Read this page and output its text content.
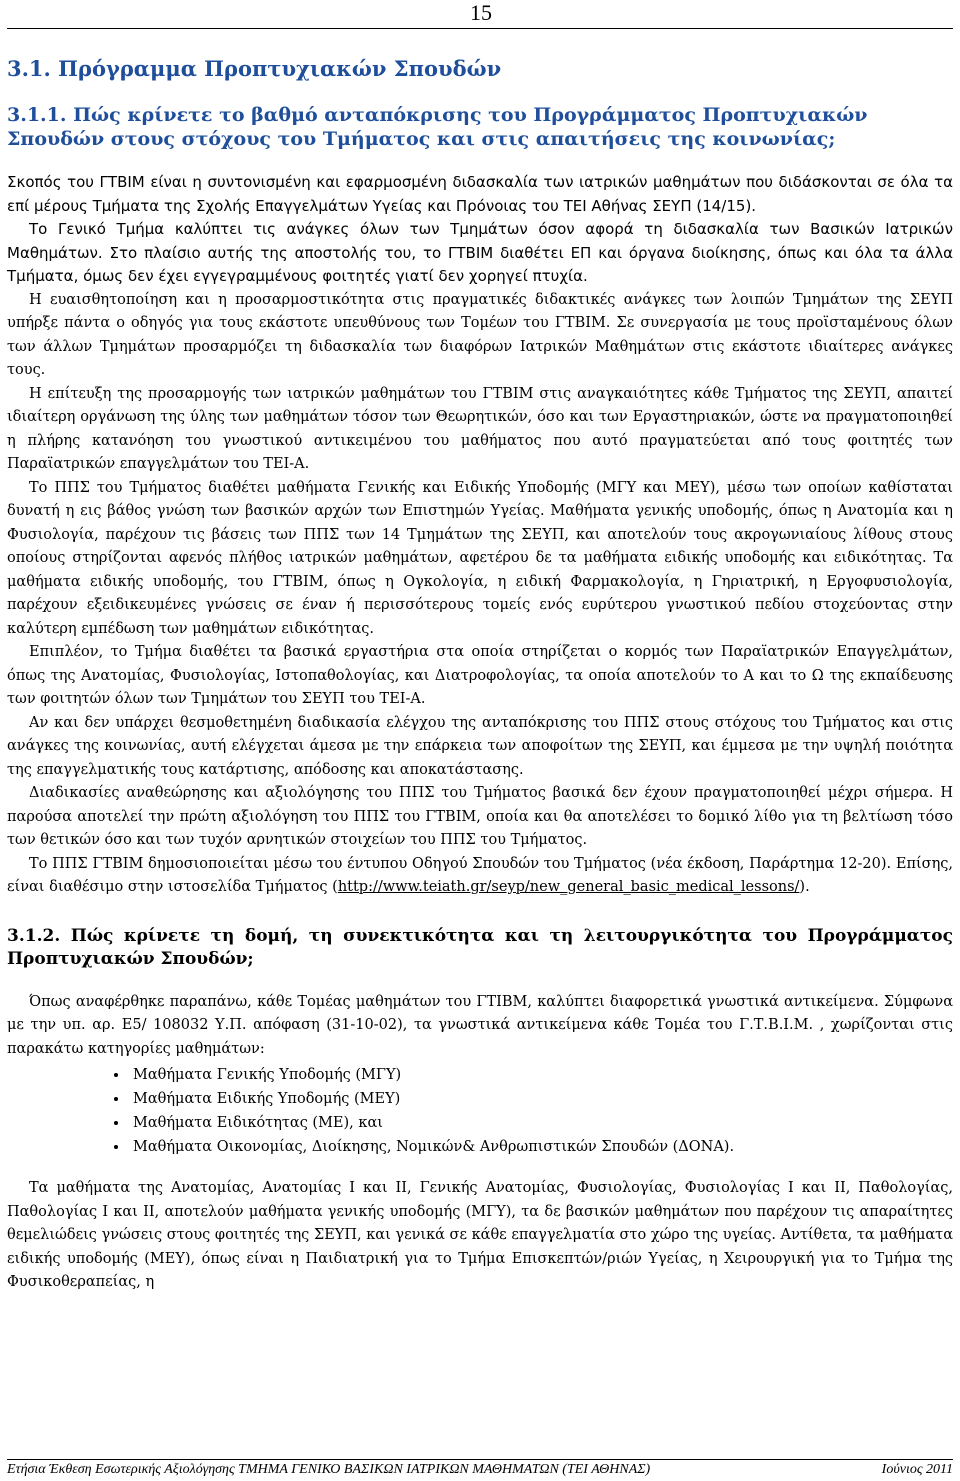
15
3.1. Πρόγραμμα Προπτυχιακών Σπουδών
3.1.1. Πώς κρίνετε το βαθμό ανταπόκρισης του Προγράμματος Προπτυχιακών Σπουδών στους στόχους του Τμήματος και στις απαιτήσεις της κοινωνίας;

Σκοπός του ΓΤΒΙΜ είναι η συντονισμένη και εφαρμοσμένη διδασκαλία των ιατρικών μαθημάτων που διδάσκονται σε όλα τα επί μέρους Τμήματα της Σχολής Επαγγελμάτων Υγείας και Πρόνοιας του ΤΕΙ Αθήνας ΣΕΥΠ (14/15).

Το Γενικό Τμήμα καλύπτει τις ανάγκες όλων των Τμημάτων όσον αφορά τη διδασκαλία των Βασικών Ιατρικών Μαθημάτων. Στο πλαίσιο αυτής της αποστολής του, το ΓΤΒΙΜ διαθέτει ΕΠ και όργανα διοίκησης, όπως και όλα τα άλλα Τμήματα, όμως δεν έχει εγγεγραμμένους φοιτητές γιατί δεν χορηγεί πτυχία.

Η ευαισθητοποίηση και η προσαρμοστικότητα στις πραγματικές διδακτικές ανάγκες των λοιπών Τμημάτων της ΣΕΥΠ υπήρξε πάντα ο οδηγός για τους εκάστοτε υπευθύνους των Τομέων του ΓΤΒΙΜ. Σε συνεργασία με τους προϊσταμένους όλων των άλλων Τμημάτων προσαρμόζει τη διδασκαλία των διαφόρων Ιατρικών Μαθημάτων στις εκάστοτε ιδιαίτερες ανάγκες τους.

Η επίτευξη της προσαρμογής των ιατρικών μαθημάτων του ΓΤΒΙΜ στις αναγκαιότητες κάθε Τμήματος της ΣΕΥΠ, απαιτεί ιδιαίτερη οργάνωση της ύλης των μαθημάτων τόσον των Θεωρητικών, όσο και των Εργαστηριακών, ώστε να πραγματοποιηθεί η πλήρης κατανόηση του γνωστικού αντικειμένου του μαθήματος που αυτό πραγματεύεται από τους φοιτητές των Παραϊατρικών επαγγελμάτων του ΤΕΙ-Α.

Το ΠΠΣ του Τμήματος διαθέτει μαθήματα Γενικής και Ειδικής Υποδομής (ΜΓΥ και ΜΕΥ), μέσω των οποίων καθίσταται δυνατή η εις βάθος γνώση των βασικών αρχών των Επιστημών Υγείας. Μαθήματα γενικής υποδομής, όπως η Ανατομία και η Φυσιολογία, παρέχουν τις βάσεις των ΠΠΣ των 14 Τμημάτων της ΣΕΥΠ, και αποτελούν τους ακρογωνιαίους λίθους στους οποίους στηρίζονται αφενός πλήθος ιατρικών μαθημάτων, αφετέρου δε τα μαθήματα ειδικής υποδομής και ειδικότητας. Τα μαθήματα ειδικής υποδομής, του ΓΤΒΙΜ, όπως η Ογκολογία, η ειδική Φαρμακολογία, η Γηριατρική, η Εργοφυσιολογία, παρέχουν εξειδικευμένες γνώσεις σε έναν ή περισσότερους τομείς ενός ευρύτερου γνωστικού πεδίου στοχεύοντας στην καλύτερη εμπέδωση των μαθημάτων ειδικότητας.

Επιπλέον, το Τμήμα διαθέτει τα βασικά εργαστήρια στα οποία στηρίζεται ο κορμός των Παραϊατρικών Επαγγελμάτων, όπως της Ανατομίας, Φυσιολογίας, Ιστοπαθολογίας, και Διατροφολογίας, τα οποία αποτελούν το Α και το Ω της εκπαίδευσης των φοιτητών όλων των Τμημάτων του ΣΕΥΠ του ΤΕΙ-Α.

Αν και δεν υπάρχει θεσμοθετημένη διαδικασία ελέγχου της ανταπόκρισης του ΠΠΣ στους στόχους του Τμήματος και στις ανάγκες της κοινωνίας, αυτή ελέγχεται άμεσα με την επάρκεια των αποφοίτων της ΣΕΥΠ, και έμμεσα με την υψηλή ποιότητα της επαγγελματικής τους κατάρτισης, απόδοσης και αποκατάστασης.

Διαδικασίες αναθεώρησης και αξιολόγησης του ΠΠΣ του Τμήματος βασικά δεν έχουν πραγματοποιηθεί μέχρι σήμερα. Η παρούσα αποτελεί την πρώτη αξιολόγηση του ΠΠΣ του ΓΤΒΙΜ, οποία και θα αποτελέσει το δομικό λίθο για τη βελτίωση τόσο των θετικών όσο και των τυχόν αρνητικών στοιχείων του ΠΠΣ του Τμήματος.

Το ΠΠΣ ΓΤΒΙΜ δημοσιοποιείται μέσω του έντυπου Οδηγού Σπουδών του Τμήματος (νέα έκδοση, Παράρτημα 12-20). Επίσης, είναι διαθέσιμο στην ιστοσελίδα Τμήματος (http://www.teiath.gr/seyp/new_general_basic_medical_lessons/).

3.1.2. Πώς κρίνετε τη δομή, τη συνεκτικότητα και τη λειτουργικότητα του Προγράμματος Προπτυχιακών Σπουδών;

Όπως αναφέρθηκε παραπάνω, κάθε Τομέας μαθημάτων του ΓΤΙΒΜ, καλύπτει διαφορετικά γνωστικά αντικείμενα. Σύμφωνα με την υπ. αρ. Ε5/ 108032 Υ.Π. απόφαση (31-10-02), τα γνωστικά αντικείμενα κάθε Τομέα του Γ.Τ.Β.Ι.Μ. , χωρίζονται στις παρακάτω κατηγορίες μαθημάτων:

• Μαθήματα Γενικής Υποδομής (ΜΓΥ)
• Μαθήματα Ειδικής Υποδομής (ΜΕΥ)
• Μαθήματα Ειδικότητας (ΜΕ), και
• Μαθήματα Οικονομίας, Διοίκησης, Νομικών& Ανθρωπιστικών Σπουδών (ΔΟΝΑ).

Τα μαθήματα της Ανατομίας, Ανατομίας Ι και ΙΙ, Γενικής Ανατομίας, Φυσιολογίας, Φυσιολογίας Ι και ΙΙ, Παθολογίας, Παθολογίας Ι και ΙΙ, αποτελούν μαθήματα γενικής υποδομής (ΜΓΥ), τα δε βασικών μαθημάτων που παρέχουν τις απαραίτητες θεμελιώδεις γνώσεις στους φοιτητές της ΣΕΥΠ, και γενικά σε κάθε επαγγελματία στο χώρο της υγείας. Αντίθετα, τα μαθήματα ειδικής υποδομής (ΜΕΥ), όπως είναι η Παιδιατρική για το Τμήμα Επισκεπτών/ριών Υγείας, η Χειρουργική για το Τμήμα της Φυσικοθεραπείας, η

Ετήσια Έκθεση Εσωτερικής Αξιολόγησης ΤΜΗΜΑ ΓΕΝΙΚΟ ΒΑΣΙΚΩΝ ΙΑΤΡΙΚΩΝ ΜΑΘΗΜΑΤΩΝ (ΤΕΙ ΑΘΗΝΑΣ)	Ιούνιος 2011
